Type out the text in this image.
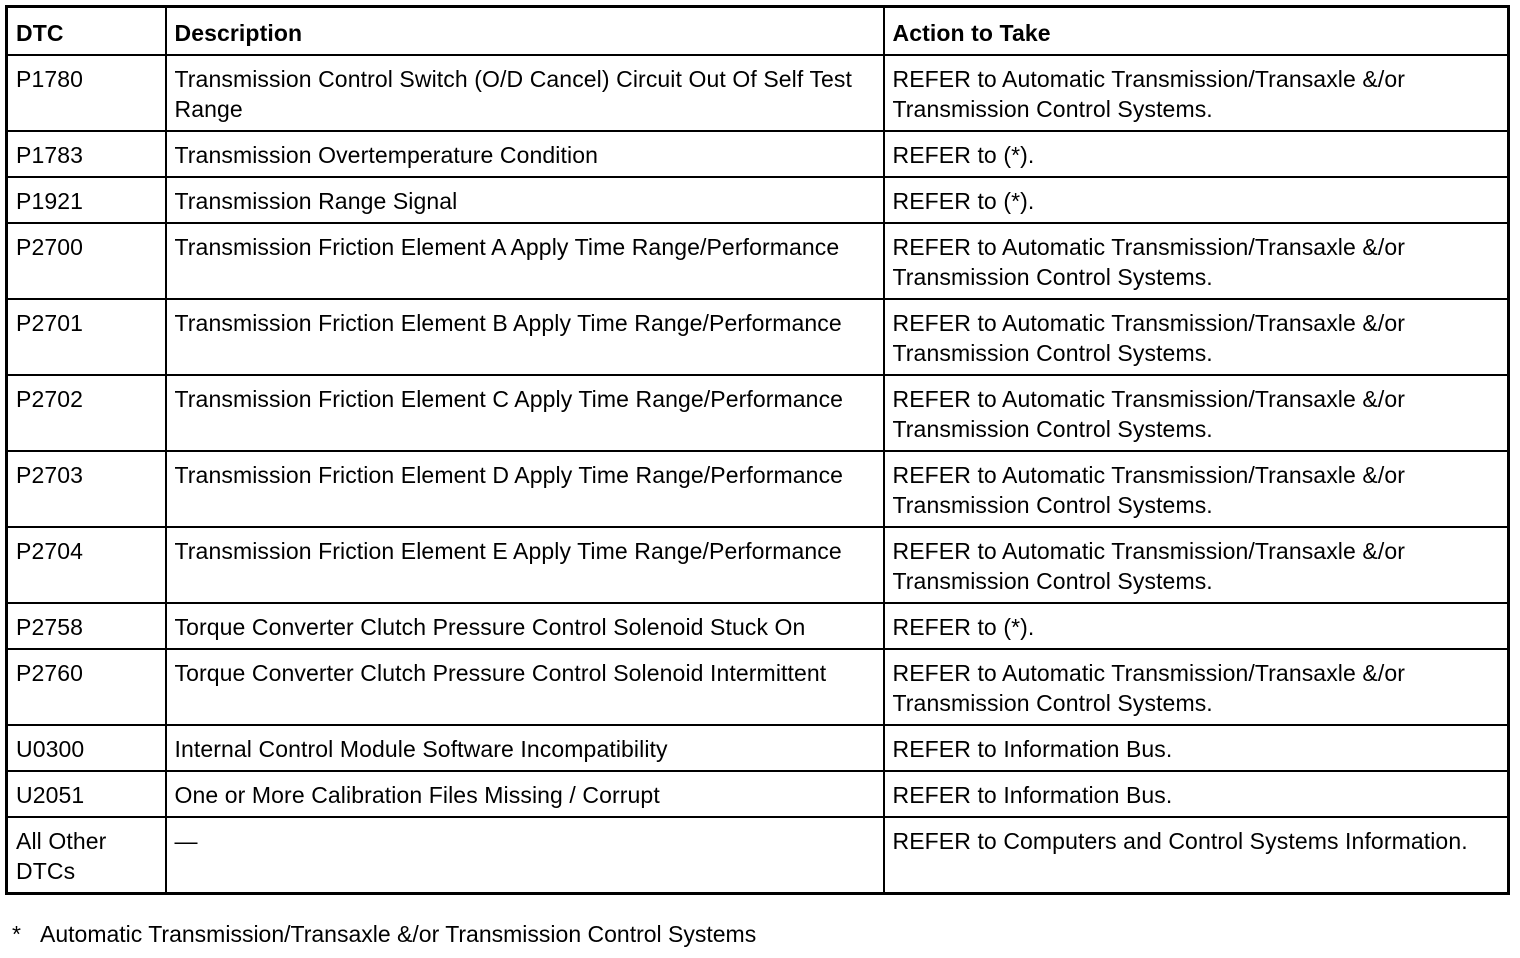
DTC	Description	Action to Take
P1780	Transmission Control Switch (O/D Cancel) Circuit Out Of Self Test Range	REFER to Automatic Transmission/Transaxle &/or Transmission Control Systems.
P1783	Transmission Overtemperature Condition	REFER to (*).
P1921	Transmission Range Signal	REFER to (*).
P2700	Transmission Friction Element A Apply Time Range/Performance	REFER to Automatic Transmission/Transaxle &/or Transmission Control Systems.
P2701	Transmission Friction Element B Apply Time Range/Performance	REFER to Automatic Transmission/Transaxle &/or Transmission Control Systems.
P2702	Transmission Friction Element C Apply Time Range/Performance	REFER to Automatic Transmission/Transaxle &/or Transmission Control Systems.
P2703	Transmission Friction Element D Apply Time Range/Performance	REFER to Automatic Transmission/Transaxle &/or Transmission Control Systems.
P2704	Transmission Friction Element E Apply Time Range/Performance	REFER to Automatic Transmission/Transaxle &/or Transmission Control Systems.
P2758	Torque Converter Clutch Pressure Control Solenoid Stuck On	REFER to (*).
P2760	Torque Converter Clutch Pressure Control Solenoid Intermittent	REFER to Automatic Transmission/Transaxle &/or Transmission Control Systems.
U0300	Internal Control Module Software Incompatibility	REFER to Information Bus.
U2051	One or More Calibration Files Missing / Corrupt	REFER to Information Bus.
All Other DTCs	—	REFER to Computers and Control Systems Information.
* Automatic Transmission/Transaxle &/or Transmission Control Systems
